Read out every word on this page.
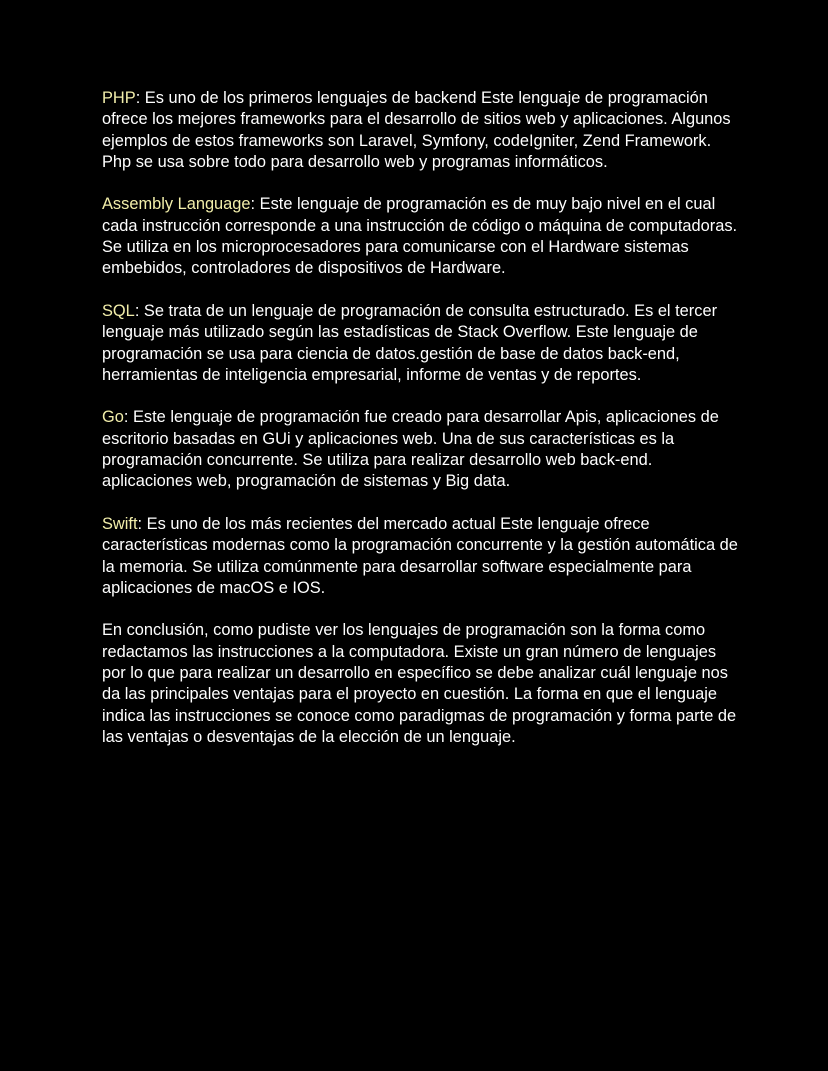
PHP: Es uno de los primeros lenguajes de backend Este lenguaje de programación ofrece los mejores frameworks para el desarrollo de sitios web y aplicaciones. Algunos ejemplos de estos frameworks son Laravel, Symfony, codeIgniter, Zend Framework. Php se usa sobre todo para desarrollo web y programas informáticos.

Assembly Language: Este lenguaje de programación es de muy bajo nivel en el cual cada instrucción corresponde a una instrucción de código o máquina de computadoras. Se utiliza en los microprocesadores para comunicarse con el Hardware sistemas embebidos, controladores de dispositivos de Hardware.

SQL: Se trata de un lenguaje de programación de consulta estructurado. Es el tercer lenguaje más utilizado según las estadísticas de Stack Overflow. Este lenguaje de programación se usa para ciencia de datos.gestión de base de datos back-end, herramientas de inteligencia empresarial, informe de ventas y de reportes.

Go: Este lenguaje de programación fue creado para desarrollar Apis, aplicaciones de escritorio basadas en GUi y aplicaciones web. Una de sus características es la programación concurrente. Se utiliza para realizar desarrollo web back-end. aplicaciones web, programación de sistemas y Big data.

Swift: Es uno de los más recientes del mercado actual Este lenguaje ofrece características modernas como la programación concurrente y la gestión automática de la memoria. Se utiliza comúnmente para desarrollar software especialmente para aplicaciones de macOS e IOS.

En conclusión, como pudiste ver los lenguajes de programación son la forma como redactamos las instrucciones a la computadora. Existe un gran número de lenguajes por lo que para realizar un desarrollo en específico se debe analizar cuál lenguaje nos da las principales ventajas para el proyecto en cuestión. La forma en que el lenguaje indica las instrucciones se conoce como paradigmas de programación y forma parte de las ventajas o desventajas de la elección de un lenguaje.
